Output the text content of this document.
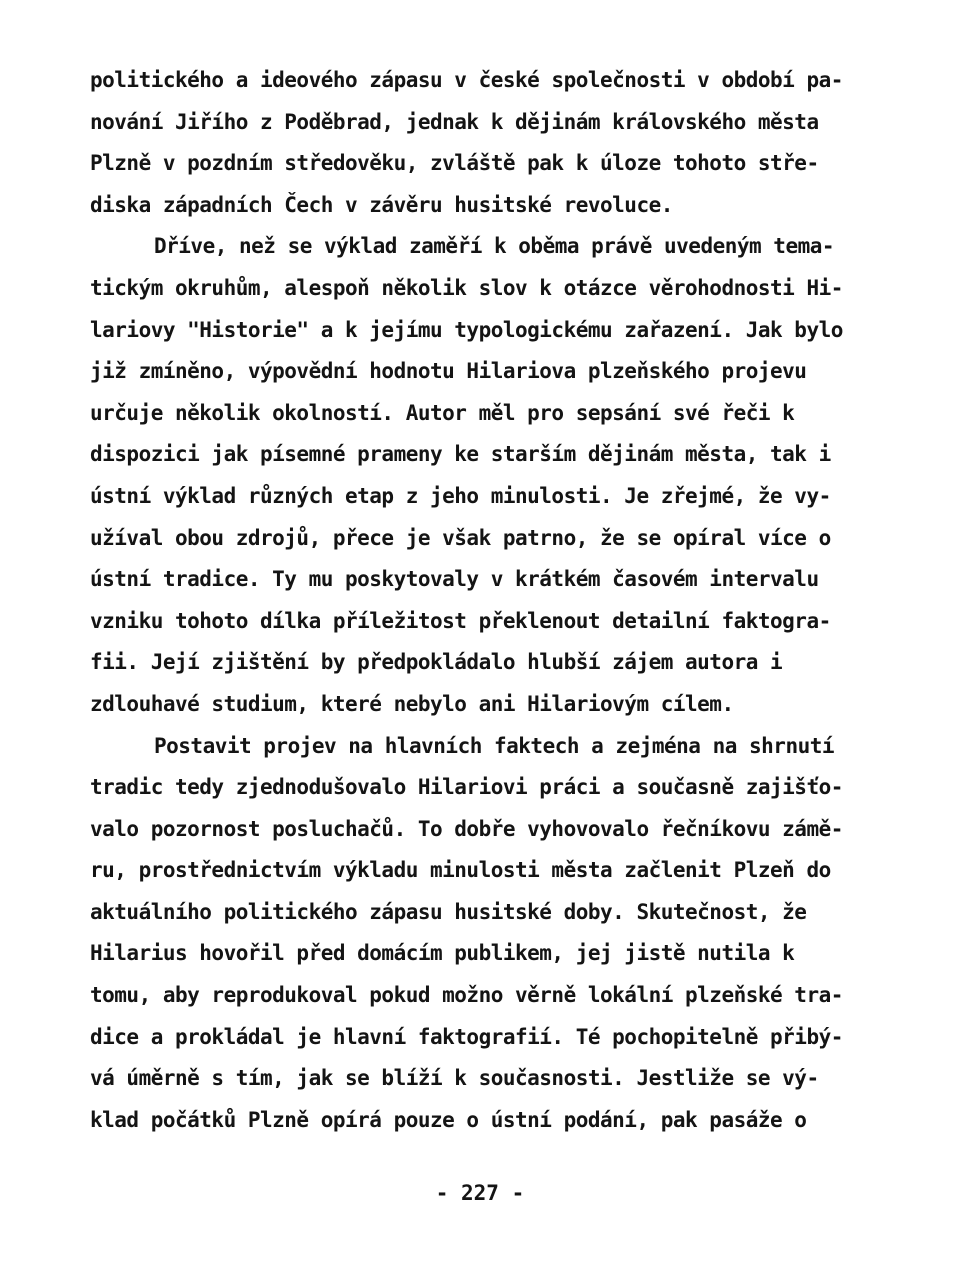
politického a ideového zápasu v české společnosti v období pa-
nování Jiřího z Poděbrad, jednak k dějinám královského města
Plzně v pozdním středověku, zvláště pak k úloze tohoto stře-
diska západních Čech v závěru husitské revoluce.
Dříve, než se výklad zaměří k oběma právě uvedeným tema-
tickým okruhům, alespoň několik slov k otázce věrohodnosti Hi-
lariovy "Historie" a k jejímu typologickému zařazení. Jak bylo
již zmíněno, výpovědní hodnotu Hilariova plzeňského projevu
určuje několik okolností. Autor měl pro sepsání své řeči k
dispozici jak písemné prameny ke starším dějinám města, tak i
ústní výklad různých etap z jeho minulosti. Je zřejmé, že vy-
užíval obou zdrojů, přece je však patrno, že se opíral více o
ústní tradice. Ty mu poskytovaly v krátkém časovém intervalu
vzniku tohoto dílka příležitost překlenout detailní faktogra-
fii. Její zjištění by předpokládalo hlubší zájem autora i
zdlouhavé studium, které nebylo ani Hilariovým cílem.
Postavit projev na hlavních faktech a zejména na shrnutí
tradic tedy zjednodušovalo Hilariovi práci a současně zajišťo-
valo pozornost posluchačů. To dobře vyhovovalo řečníkovu zámě-
ru, prostřednictvím výkladu minulosti města začlenit Plzeň do
aktuálního politického zápasu husitské doby. Skutečnost, že
Hilarius hovořil před domácím publikem, jej jistě nutila k
tomu, aby reprodukoval pokud možno věrně lokální plzeňské tra-
dice a prokládal je hlavní faktografií. Té pochopitelně přibý-
vá úměrně s tím, jak se blíží k současnosti. Jestliže se vý-
klad počátků Plzně opírá pouze o ústní podání, pak pasáže o
- 227 -
